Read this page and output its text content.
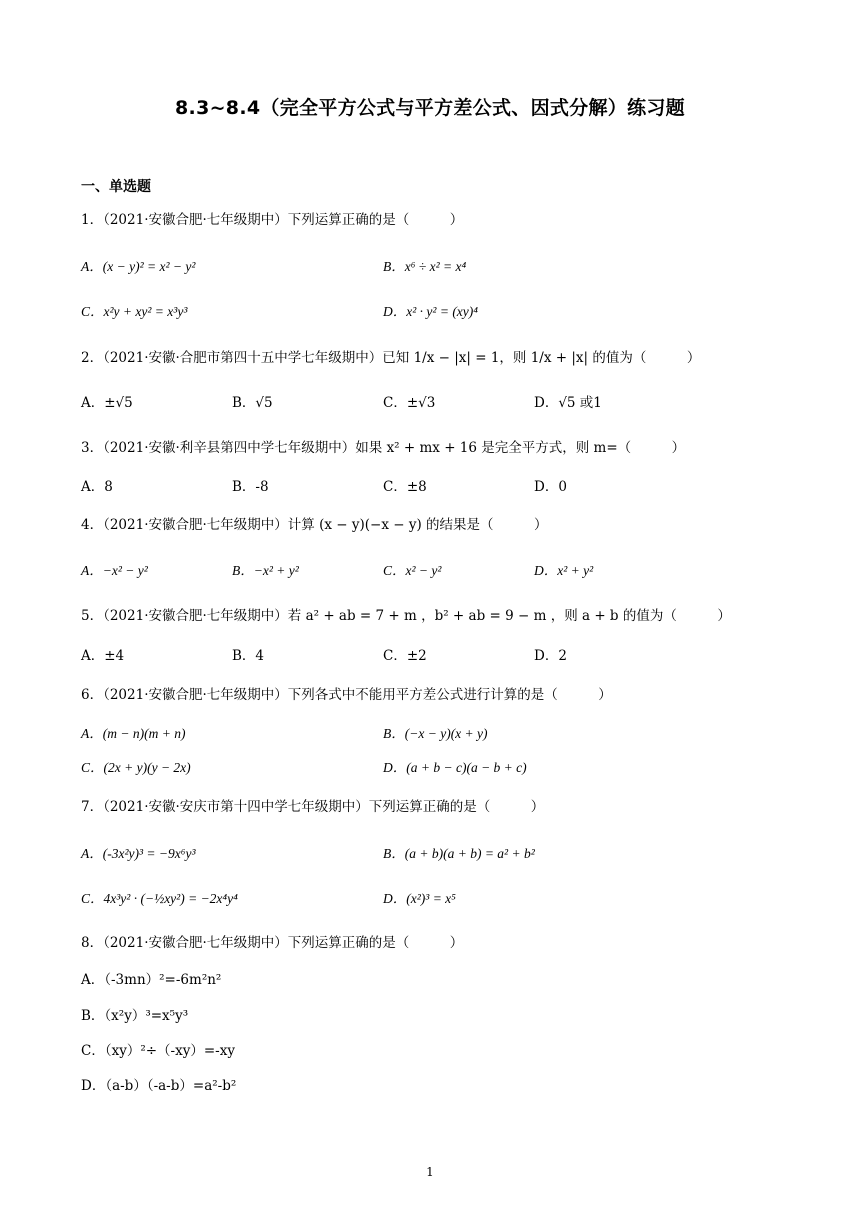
8.3~8.4（完全平方公式与平方差公式、因式分解）练习题
一、单选题
1．（2021·安徽合肥·七年级期中）下列运算正确的是（　　　）
A．(x − y)² = x² − y²	B．x⁶ ÷ x² = x⁴
C．x²y + xy² = x³y³	D．x² · y² = (xy)⁴
2．（2021·安徽·合肥市第四十五中学七年级期中）已知 1/x − |x| = 1，则 1/x + |x| 的值为（　　　）
A．±√5	B．√5	C．±√3	D．√5 或1
3．（2021·安徽·利辛县第四中学七年级期中）如果 x² + mx + 16 是完全平方式，则 m=（　　　）
A．8	B．-8	C．±8	D．0
4．（2021·安徽合肥·七年级期中）计算 (x − y)(−x − y) 的结果是（　　　）
A．−x² − y²	B．−x² + y²	C．x² − y²	D．x² + y²
5．（2021·安徽合肥·七年级期中）若 a² + ab = 7 + m ，b² + ab = 9 − m ，则 a + b 的值为（　　　）
A．±4	B．4	C．±2	D．2
6．（2021·安徽合肥·七年级期中）下列各式中不能用平方差公式进行计算的是（　　　）
A．(m − n)(m + n)	B．(−x − y)(x + y)
C．(2x + y)(y − 2x)	D．(a + b − c)(a − b + c)
7．（2021·安徽·安庆市第十四中学七年级期中）下列运算正确的是（　　　）
A．(-3x²y)³ = −9x⁶y³	B．(a + b)(a + b) = a² + b²
C．4x³y² · (−½xy²) = −2x⁴y⁴	D．(x²)³ = x⁵
8．（2021·安徽合肥·七年级期中）下列运算正确的是（　　　）
A．（-3mn）²=-6m²n²
B．（x²y）³=x⁵y³
C．（xy）²÷（-xy）=-xy
D．（a-b）（-a-b）=a²-b²
1
